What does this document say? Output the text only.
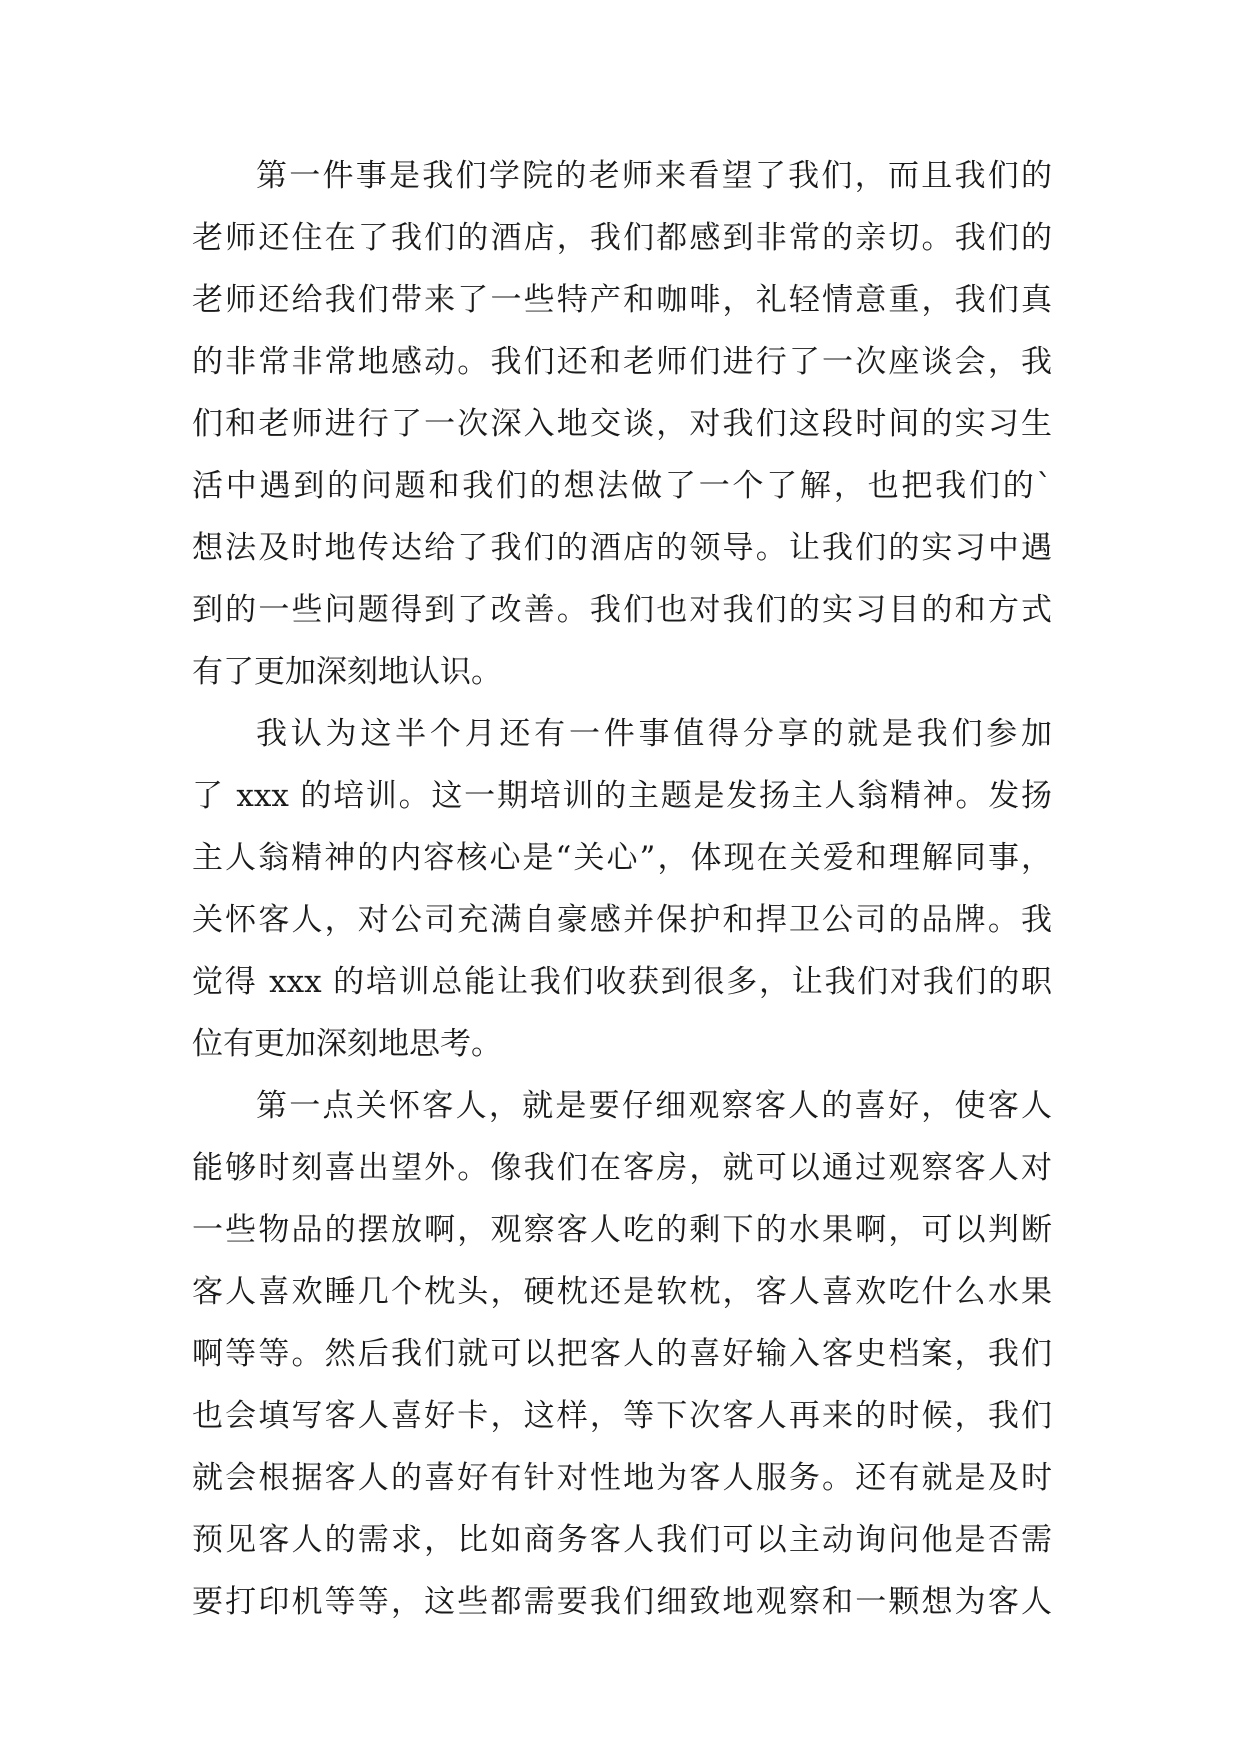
第一件事是我们学院的老师来看望了我们，而且我们的
老师还住在了我们的酒店，我们都感到非常的亲切。我们的
老师还给我们带来了一些特产和咖啡，礼轻情意重，我们真
的非常非常地感动。我们还和老师们进行了一次座谈会，我
们和老师进行了一次深入地交谈，对我们这段时间的实习生
活中遇到的问题和我们的想法做了一个了解，也把我们的`
想法及时地传达给了我们的酒店的领导。让我们的实习中遇
到的一些问题得到了改善。我们也对我们的实习目的和方式
有了更加深刻地认识。
我认为这半个月还有一件事值得分享的就是我们参加
了 xxx 的培训。这一期培训的主题是发扬主人翁精神。发扬
主人翁精神的内容核心是“关心”，体现在关爱和理解同事，
关怀客人，对公司充满自豪感并保护和捍卫公司的品牌。我
觉得 xxx 的培训总能让我们收获到很多，让我们对我们的职
位有更加深刻地思考。
第一点关怀客人，就是要仔细观察客人的喜好，使客人
能够时刻喜出望外。像我们在客房，就可以通过观察客人对
一些物品的摆放啊，观察客人吃的剩下的水果啊，可以判断
客人喜欢睡几个枕头，硬枕还是软枕，客人喜欢吃什么水果
啊等等。然后我们就可以把客人的喜好输入客史档案，我们
也会填写客人喜好卡，这样，等下次客人再来的时候，我们
就会根据客人的喜好有针对性地为客人服务。还有就是及时
预见客人的需求，比如商务客人我们可以主动询问他是否需
要打印机等等，这些都需要我们细致地观察和一颗想为客人
